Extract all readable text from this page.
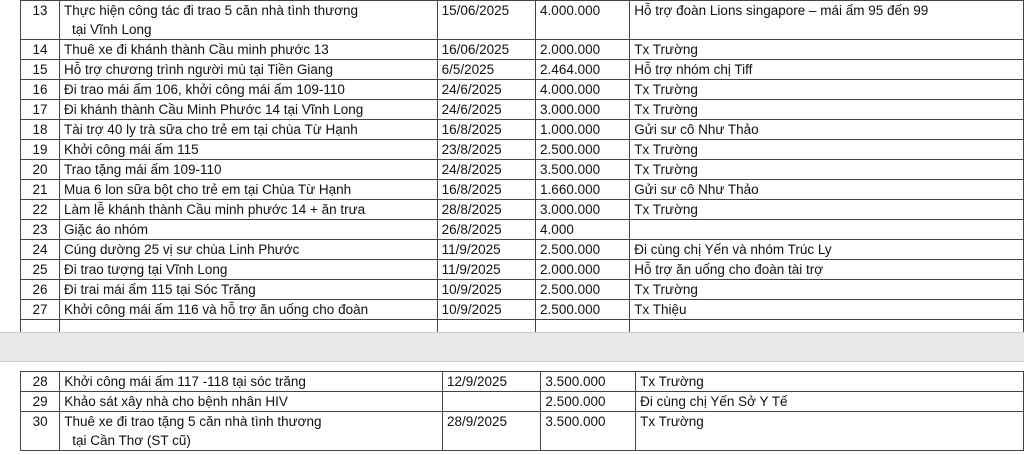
13	Thực hiện công tác đi trao 5 căn nhà tình thương
tại Vĩnh Long	15/06/2025	4.000.000	Hỗ trợ đoàn Lions singapore – mái ấm 95 đến 99
14	Thuê xe đi khánh thành Cầu minh phước 13	16/06/2025	2.000.000	Tx Trường
15	Hỗ trợ chương trình người mù tại Tiền Giang	6/5/2025	2.464.000	Hỗ trợ nhóm chị Tiff
16	Đi trao mái ấm 106, khởi công mái ấm 109-110	24/6/2025	4.000.000	Tx Trường
17	Đi khánh thành Cầu Minh Phước 14 tại Vĩnh Long	24/6/2025	3.000.000	Tx Trường
18	Tài trợ 40 ly trà sữa cho trẻ em tại chùa Từ Hạnh	16/8/2025	1.000.000	Gửi sư cô Như Thảo
19	Khởi công mái ấm 115	23/8/2025	2.500.000	Tx Trường
20	Trao tặng mái ấm 109-110	24/8/2025	3.500.000	Tx Trường
21	Mua 6 lon sữa bột cho trẻ em tại Chùa Từ Hạnh	16/8/2025	1.660.000	Gửi sư cô Như Thảo
22	Làm lễ khánh thành Cầu minh phước 14 + ăn trưa	28/8/2025	3.000.000	Tx Trường
23	Giặc áo nhóm	26/8/2025	4.000	
24	Cúng dường 25 vị sư chùa Linh Phước	11/9/2025	2.500.000	Đi cùng chị Yến và nhóm Trúc Ly
25	Đi trao tượng tại Vĩnh Long	11/9/2025	2.000.000	Hỗ trợ ăn uống cho đoàn tài trợ
26	Đi trai mái ấm 115 tại Sóc Trăng	10/9/2025	2.500.000	Tx Trường
27	Khởi công mái ấm 116 và hỗ trợ ăn uống cho đoàn	10/9/2025	2.500.000	Tx Thiệu

28	Khởi công mái ấm 117 -118 tại sóc trăng	12/9/2025	3.500.000	Tx Trường
29	Khảo sát xây nhà cho bệnh nhân HIV		2.500.000	Đi cùng chị Yến Sở Y Tế
30	Thuê xe đi trao tặng 5 căn nhà tình thương
tại Cần Thơ (ST cũ)	28/9/2025	3.500.000	Tx Trường
